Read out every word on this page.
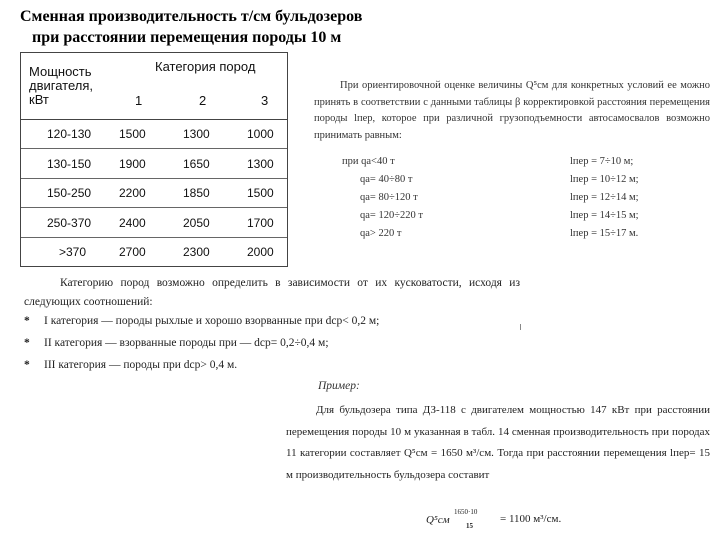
Сменная производительность т/см бульдозеров
при расстоянии перемещения породы 10 м
Мощность двигателя, кВт
Категория пород
1	2	3
120-130	1500	1300	1000
130-150	1900	1650	1300
150-250	2200	1850	1500
250-370	2400	2050	1700
>370	2700	2300	2000
При ориентировочной оценке величины Q⁵см для конкретных условий ее можно принять в соответствии с данными таблицы β корректировкой расстояния перемещения породы lпер, которое при различной грузоподъемности автосамосвалов возможно принимать равным:
при qа<40 т	lпер = 7÷10 м;
qа= 40÷80 т	lпер = 10÷12 м;
qа= 80÷120 т	lпер = 12÷14 м;
qа= 120÷220 т	lпер = 14÷15 м;
qа> 220 т	lпер = 15÷17 м.

Категорию пород возможно определить в зависимости от их кусковатости, исходя из следующих соотношений:

* I категория — породы рыхлые и хорошо взорванные при dср< 0,2 м;
* II категория — взорванные породы при — dср= 0,2÷0,4 м;
* III категория — породы при dср> 0,4 м.
Пример:

Для бульдозера типа ДЗ-118 с двигателем мощностью 147 кВт при расстоянии перемещения породы 10 м указанная в табл. 14 сменная производительность при породах 11 категории составляет Q⁵см = 1650 м³/см. Тогда при расстоянии перемещения lпер= 15 м производительность бульдозера составит

Q⁵см
1650·10
15
= 1100 м³/см.
